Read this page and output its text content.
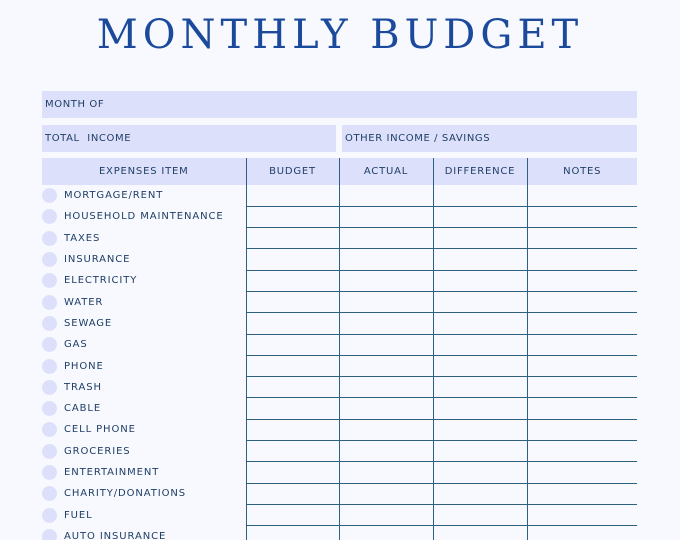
MONTHLY BUDGET
MONTH OF
TOTAL  INCOME	OTHER INCOME / SAVINGS
EXPENSES ITEM	BUDGET	ACTUAL	DIFFERENCE	NOTES
MORTGAGE/RENT				
HOUSEHOLD MAINTENANCE				
TAXES				
INSURANCE				
ELECTRICITY				
WATER				
SEWAGE				
GAS				
PHONE				
TRASH				
CABLE				
CELL PHONE				
GROCERIES				
ENTERTAINMENT				
CHARITY/DONATIONS				
FUEL				
AUTO INSURANCE				
